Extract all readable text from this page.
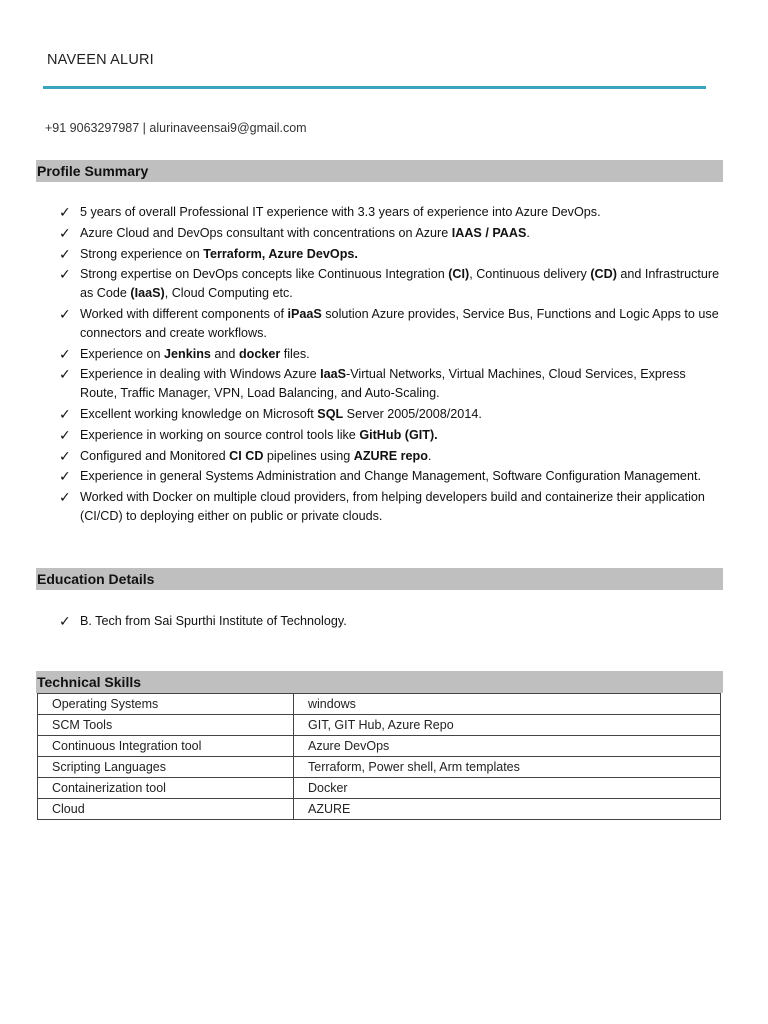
NAVEEN ALURI
+91 9063297987 | alurinaveensai9@gmail.com
Profile Summary
✓ 5 years of overall Professional IT experience with 3.3 years of experience into Azure DevOps.
✓ Azure Cloud and DevOps consultant with concentrations on Azure IAAS / PAAS.
✓ Strong experience on Terraform, Azure DevOps.
✓ Strong expertise on DevOps concepts like Continuous Integration (CI), Continuous delivery (CD) and Infrastructure as Code (IaaS), Cloud Computing etc.
✓ Worked with different components of iPaaS solution Azure provides, Service Bus, Functions and Logic Apps to use connectors and create workflows.
✓ Experience on Jenkins and docker files.
✓ Experience in dealing with Windows Azure IaaS-Virtual Networks, Virtual Machines, Cloud Services, Express Route, Traffic Manager, VPN, Load Balancing, and Auto-Scaling.
✓ Excellent working knowledge on Microsoft SQL Server 2005/2008/2014.
✓ Experience in working on source control tools like GitHub (GIT).
✓ Configured and Monitored CI CD pipelines using AZURE repo.
✓ Experience in general Systems Administration and Change Management, Software Configuration Management.
✓ Worked with Docker on multiple cloud providers, from helping developers build and containerize their application (CI/CD) to deploying either on public or private clouds.
Education Details
✓ B. Tech from Sai Spurthi Institute of Technology.
Technical Skills
Operating Systems	windows
SCM Tools	GIT, GIT Hub, Azure Repo
Continuous Integration tool	Azure DevOps
Scripting Languages	Terraform, Power shell, Arm templates
Containerization tool	Docker
Cloud	AZURE
